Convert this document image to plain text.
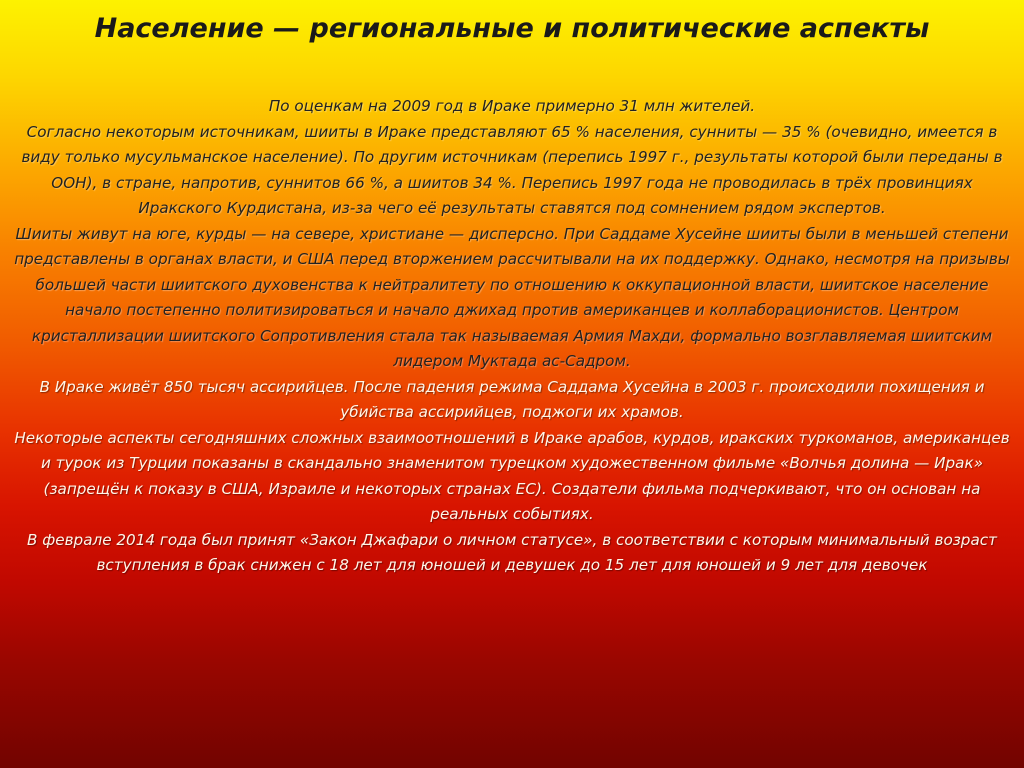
Население — региональные и политические аспекты
По оценкам на 2009 год в Ираке примерно 31 млн жителей.
Согласно некоторым источникам, шииты в Ираке представляют 65 % населения, сунниты — 35 % (очевидно, имеется в виду только мусульманское население). По другим источникам (перепись 1997 г., результаты которой были переданы в ООН), в стране, напротив, суннитов 66 %, а шиитов 34 %. Перепись 1997 года не проводилась в трёх провинциях Иракского Курдистана, из-за чего её результаты ставятся под сомнением рядом экспертов.
Шииты живут на юге, курды — на севере, христиане — дисперсно. При Саддаме Хусейне шииты были в меньшей степени представлены в органах власти, и США перед вторжением рассчитывали на их поддержку. Однако, несмотря на призывы большей части шиитского духовенства к нейтралитету по отношению к оккупационной власти, шиитское население начало постепенно политизироваться и начало джихад против американцев и коллаборационистов. Центром кристаллизации шиитского Сопротивления стала так называемая Армия Махди, формально возглавляемая шиитским лидером Муктада ас-Садром.
В Ираке живёт 850 тысяч ассирийцев. После падения режима Саддама Хусейна в 2003 г. происходили похищения и убийства ассирийцев, поджоги их храмов.
Некоторые аспекты сегодняшних сложных взаимоотношений в Ираке арабов, курдов, иракских туркоманов, американцев и турок из Турции показаны в скандально знаменитом турецком художественном фильме «Волчья долина — Ирак» (запрещён к показу в США, Израиле и некоторых странах ЕС). Создатели фильма подчеркивают, что он основан на реальных событиях.
В феврале 2014 года был принят «Закон Джафари о личном статусе», в соответствии с которым минимальный возраст вступления в брак снижен с 18 лет для юношей и девушек до 15 лет для юношей и 9 лет для девочек
